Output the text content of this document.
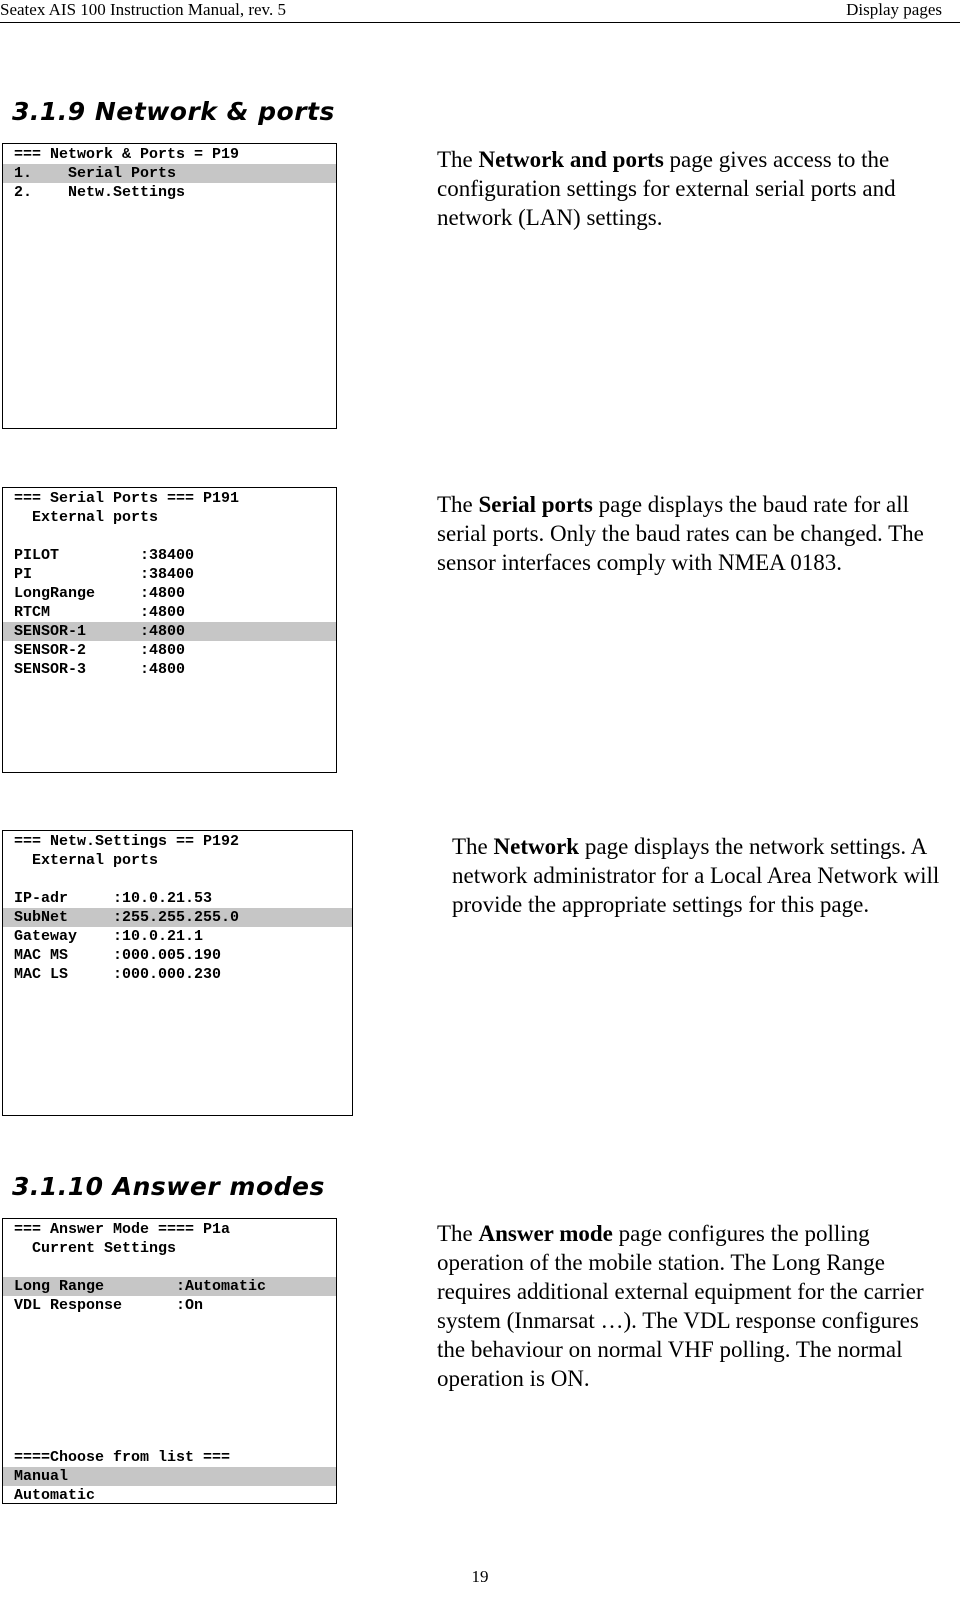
Seatex AIS 100 Instruction Manual, rev. 5	Display pages
3.1.9 Network & ports
=== Network & Ports = P19
1.    Serial Ports
2.    Netw.Settings

The Network and ports page gives access to the configuration settings for external serial ports and network (LAN) settings.

=== Serial Ports === P191
External ports
PILOT         :38400
PI            :38400
LongRange     :4800
RTCM          :4800
SENSOR-1      :4800
SENSOR-2      :4800
SENSOR-3      :4800

The Serial ports page displays the baud rate for all serial ports. Only the baud rates can be changed. The sensor interfaces comply with NMEA 0183.

=== Netw.Settings == P192
External ports
IP-adr     :10.0.21.53
SubNet     :255.255.255.0
Gateway    :10.0.21.1
MAC MS     :000.005.190
MAC LS     :000.000.230

The Network page displays the network settings. A network administrator for a Local Area Network will provide the appropriate settings for this page.

3.1.10 Answer modes
=== Answer Mode ==== P1a
Current Settings
Long Range        :Automatic
VDL Response      :On
====Choose from list ===
Manual
Automatic

The Answer mode page configures the polling operation of the mobile station. The Long Range requires additional external equipment for the carrier system (Inmarsat …). The VDL response configures the behaviour on normal VHF polling. The normal operation is ON.

19
